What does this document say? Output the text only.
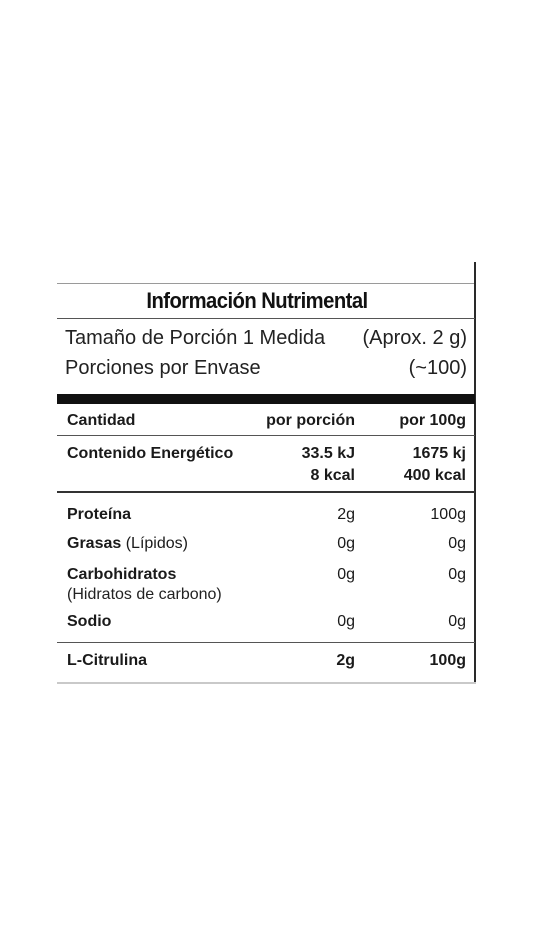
Información Nutrimental
Tamaño de Porción 1 Medida (Aprox. 2 g)
Porciones por Envase	(~100)
Cantidad	por porción	por 100g
Contenido Energético	33.5 kJ	1675 kj
8 kcal	400 kcal
Proteína	2g	100g
Grasas (Lípidos)	0g	0g
Carbohidratos	0g	0g
(Hidratos de carbono)
Sodio	0g	0g
L-Citrulina	2g	100g
